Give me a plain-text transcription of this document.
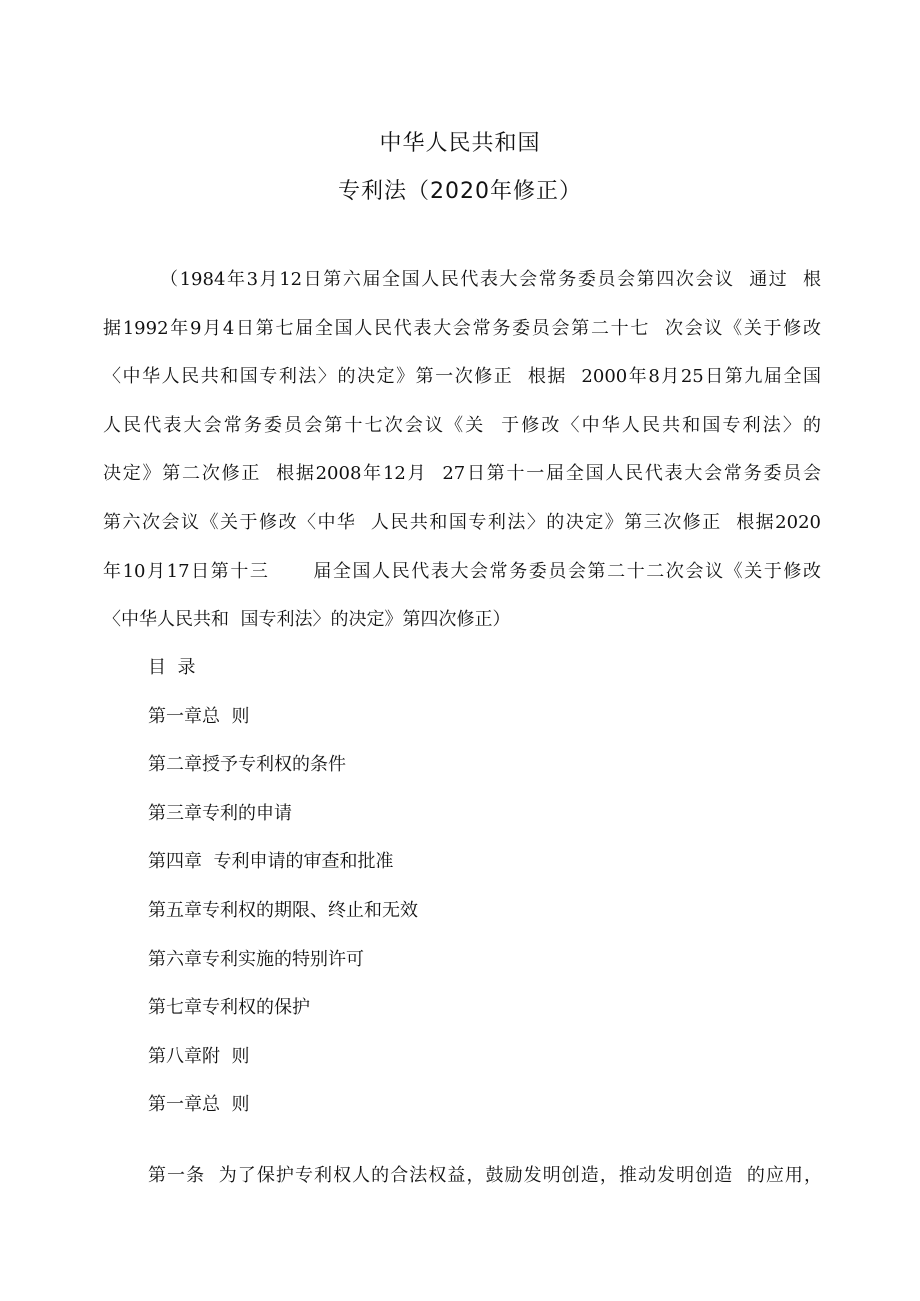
中华人民共和国
专利法（2020年修正）
（1984年3月12日第六届全国人民代表大会常务委员会第四次会议  通过  根
据1992年9月4日第七届全国人民代表大会常务委员会第二十七  次会议《关于修改
〈中华人民共和国专利法〉的决定》第一次修正  根据  2000年8月25日第九届全国
人民代表大会常务委员会第十七次会议《关  于修改〈中华人民共和国专利法〉的
决定》第二次修正  根据2008年12月  27日第十一届全国人民代表大会常务委员会
第六次会议《关于修改〈中华  人民共和国专利法〉的决定》第三次修正  根据2020
年10月17日第十三      届全国人民代表大会常务委员会第二十二次会议《关于修改
〈中华人民共和  国专利法〉的决定》第四次修正）
目  录
第一章总  则
第二章授予专利权的条件
第三章专利的申请
第四章  专利申请的审查和批准
第五章专利权的期限、终止和无效
第六章专利实施的特别许可
第七章专利权的保护
第八章附  则
第一章总  则
第一条  为了保护专利权人的合法权益，鼓励发明创造，推动发明创造  的应用，
